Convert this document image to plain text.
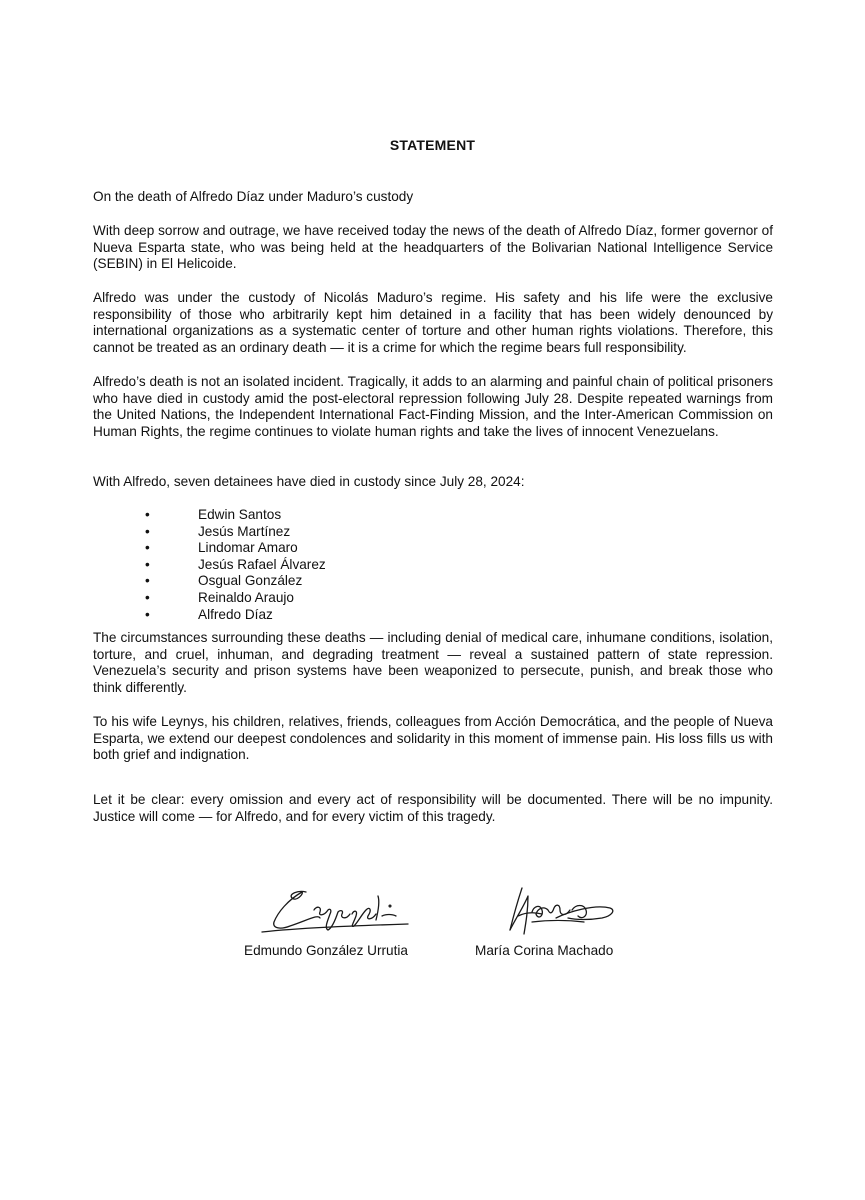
STATEMENT

On the death of Alfredo Díaz under Maduro’s custody

With deep sorrow and outrage, we have received today the news of the death of Alfredo Díaz, former governor of Nueva Esparta state, who was being held at the headquarters of the Bolivarian National Intelligence Service (SEBIN) in El Helicoide.

Alfredo was under the custody of Nicolás Maduro’s regime. His safety and his life were the exclusive responsibility of those who arbitrarily kept him detained in a facility that has been widely denounced by international organizations as a systematic center of torture and other human rights violations. Therefore, this cannot be treated as an ordinary death — it is a crime for which the regime bears full responsibility.

Alfredo’s death is not an isolated incident. Tragically, it adds to an alarming and painful chain of political prisoners who have died in custody amid the post-electoral repression following July 28. Despite repeated warnings from the United Nations, the Independent International Fact-Finding Mission, and the Inter-American Commission on Human Rights, the regime continues to violate human rights and take the lives of innocent Venezuelans.

With Alfredo, seven detainees have died in custody since July 28, 2024:

•	Edwin Santos
•	Jesús Martínez
•	Lindomar Amaro
•	Jesús Rafael Álvarez
•	Osgual González
•	Reinaldo Araujo
•	Alfredo Díaz

The circumstances surrounding these deaths — including denial of medical care, inhumane conditions, isolation, torture, and cruel, inhuman, and degrading treatment — reveal a sustained pattern of state repression. Venezuela’s security and prison systems have been weaponized to persecute, punish, and break those who think differently.

To his wife Leynys, his children, relatives, friends, colleagues from Acción Democrática, and the people of Nueva Esparta, we extend our deepest condolences and solidarity in this moment of immense pain. His loss fills us with both grief and indignation.

Let it be clear: every omission and every act of responsibility will be documented. There will be no impunity. Justice will come — for Alfredo, and for every victim of this tragedy.

Edmundo González Urrutia	María Corina Machado
